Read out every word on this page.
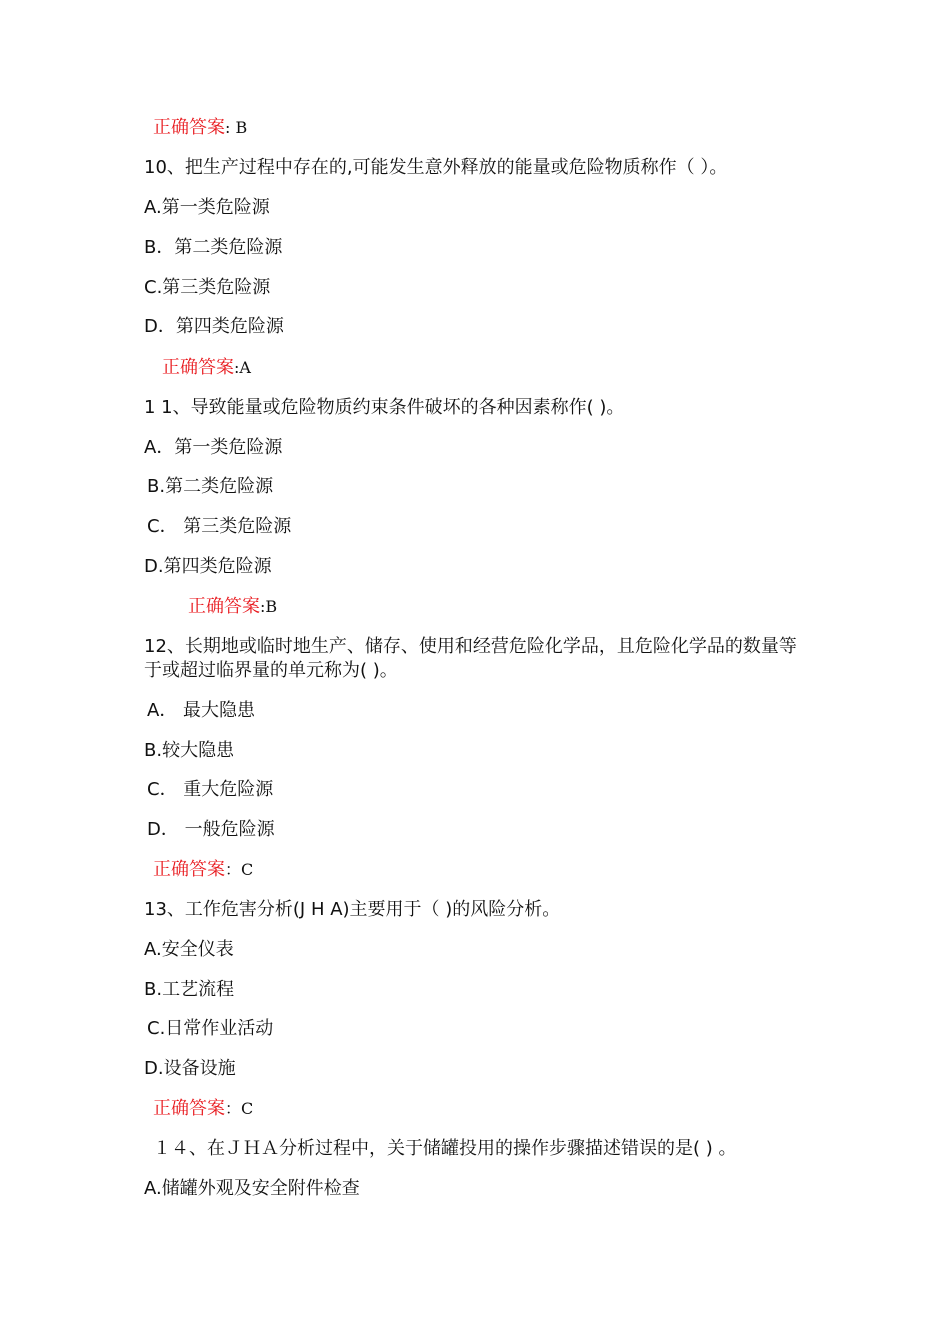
正确答案: B
10、把生产过程中存在的,可能发生意外释放的能量或危险物质称作（ ）。
A.第一类危险源
B．第二类危险源
C.第三类危险源
D．第四类危险源
正确答案:A
1 1、导致能量或危险物质约束条件破坏的各种因素称作( )。
A．第一类危险源
B.第二类危险源
C． 第三类危险源
D.第四类危险源
正确答案:B
12、长期地或临时地生产、储存、使用和经营危险化学品，且危险化学品的数量等于或超过临界量的单元称为( )。
A． 最大隐患
B.较大隐患
C． 重大危险源
D． 一般危险源
正确答案：C
13、工作危害分析(J H A)主要用于（ )的风险分析。
A.安全仪表
B.工艺流程
C.日常作业活动
D.设备设施
正确答案：C
１４、在ＪＨＡ分析过程中，关于储罐投用的操作步骤描述错误的是( ) 。
A.储罐外观及安全附件检查
